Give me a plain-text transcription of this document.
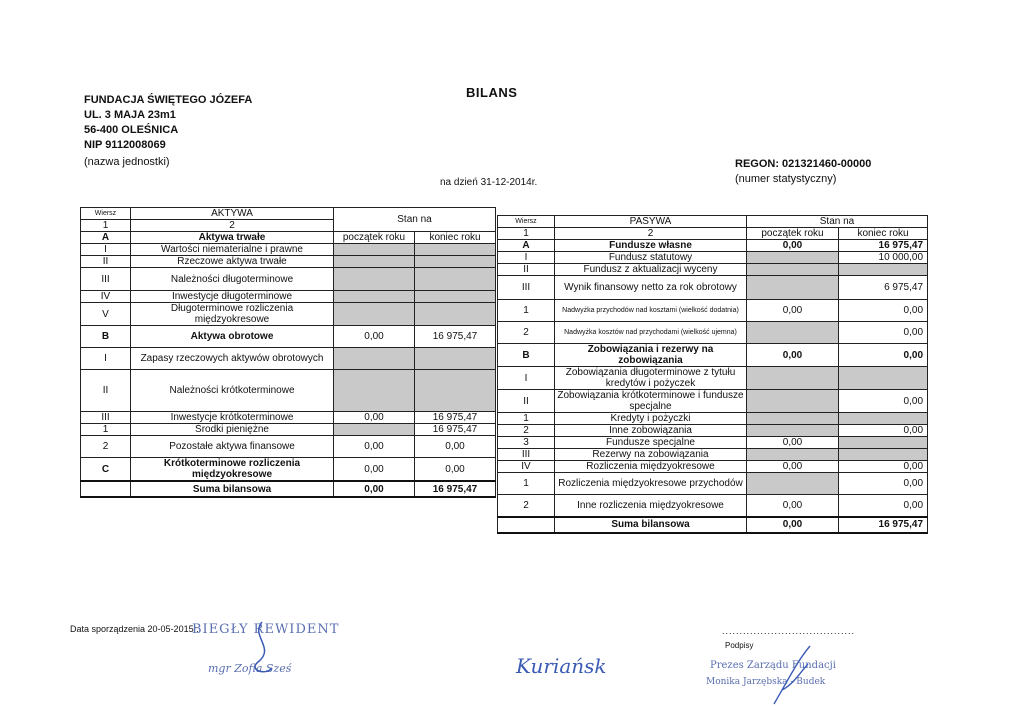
FUNDACJA ŚWIĘTEGO JÓZEFA
UL. 3 MAJA 23m1
56-400 OLEŚNICA
NIP 9112008069
(nazwa jednostki)
BILANS
na dzień 31-12-2014r.
REGON: 021321460-00000
(numer statystyczny)
Wiersz	AKTYWA	Stan na	
1	2		
A	Aktywa trwałe	początek roku	koniec roku
I	Wartości niematerialne i prawne		
II	Rzeczowe aktywa trwałe		
III	Należności długoterminowe		
IV	Inwestycje długoterminowe		
V	Długoterminowe rozliczenia międzyokresowe		
B	Aktywa obrotowe	0,00	16 975,47
I	Zapasy rzeczowych aktywów obrotowych		
II	Należności krótkoterminowe		
III	Inwestycje krótkoterminowe	0,00	16 975,47
1	Środki pieniężne		16 975,47
2	Pozostałe aktywa finansowe	0,00	0,00
C	Krótkoterminowe rozliczenia międzyokresowe	0,00	0,00
	Suma bilansowa	0,00	16 975,47
Wiersz	PASYWA	Stan na	
1	2	początek roku	koniec roku
A	Fundusze własne	0,00	16 975,47
I	Fundusz statutowy		10 000,00
II	Fundusz z aktualizacji wyceny		
III	Wynik finansowy netto za rok obrotowy		6 975,47
1	Nadwyżka przychodów nad kosztami (wielkość dodatnia)	0,00	0,00
2	Nadwyżka kosztów nad przychodami (wielkość ujemna)		0,00
B	Zobowiązania i rezerwy na zobowiązania	0,00	0,00
I	Zobowiązania długoterminowe z tytułu kredytów i pożyczek		
II	Zobowiązania krótkoterminowe i fundusze specjalne		0,00
1	Kredyty i pożyczki		
2	Inne zobowiązania		0,00
3	Fundusze specjalne	0,00	
III	Rezerwy na zobowiązania		
IV	Rozliczenia międzyokresowe	0,00	0,00
1	Rozliczenia międzyokresowe przychodów		0,00
2	Inne rozliczenia międzyokresowe	0,00	0,00
	Suma bilansowa	0,00	16 975,47
Data sporządzenia 20-05-2015r.
BIEGŁY REWIDENT
mgr Zofia Sześ	Kuriańsk
......................................
Podpisy
Prezes Zarządu Fundacji
Monika Jarzębska - Budek
